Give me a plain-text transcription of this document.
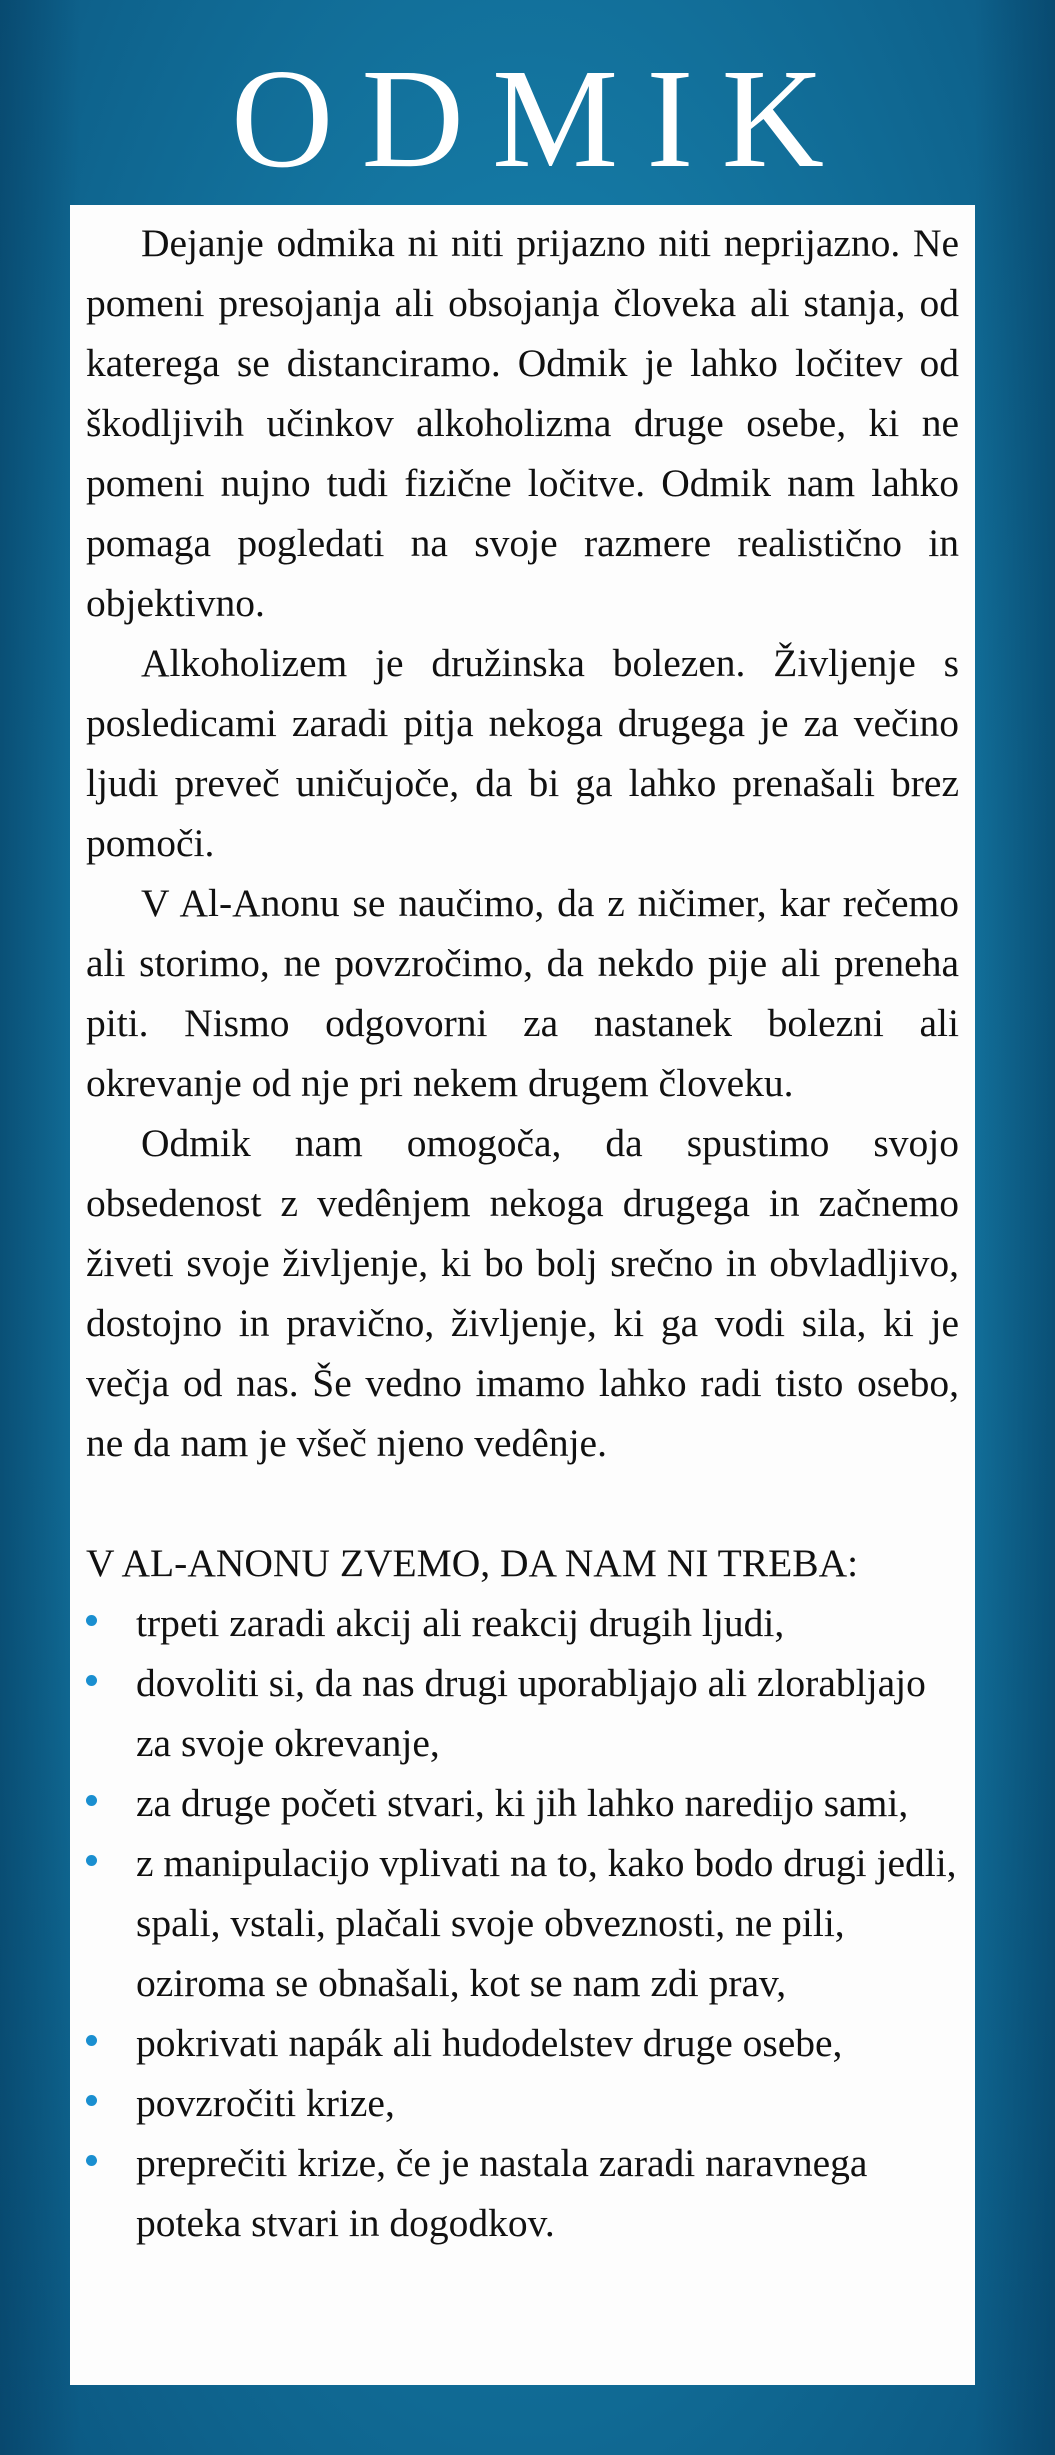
ODMIK

Dejanje odmika ni niti prijazno niti neprijazno. Ne pomeni presojanja ali obsojanja človeka ali stanja, od katerega se distanciramo. Odmik je lahko ločitev od škodljivih učinkov alkoholizma druge osebe, ki ne pomeni nujno tudi fizične ločitve. Odmik nam lahko pomaga pogledati na svoje razmere realistično in objektivno.

Alkoholizem je družinska bolezen. Življenje s posledicami zaradi pitja nekoga drugega je za večino ljudi preveč uničujoče, da bi ga lahko prenašali brez pomoči.

V Al-Anonu se naučimo, da z ničimer, kar rečemo ali storimo, ne povzročimo, da nekdo pije ali preneha piti. Nismo odgovorni za nastanek bolezni ali okrevanje od nje pri nekem drugem človeku.

Odmik nam omogoča, da spustimo svojo obsedenost z vedênjem nekoga drugega in začnemo živeti svoje življenje, ki bo bolj srečno in obvladljivo, dostojno in pravično, življenje, ki ga vodi sila, ki je večja od nas. Še vedno imamo lahko radi tisto osebo, ne da nam je všeč njeno vedênje.

V AL-ANONU ZVEMO, DA NAM NI TREBA:
trpeti zaradi akcij ali reakcij drugih ljudi,
dovoliti si, da nas drugi uporabljajo ali zlorabljajo za svoje okrevanje,
za druge početi stvari, ki jih lahko naredijo sami,
z manipulacijo vplivati na to, kako bodo drugi jedli, spali, vstali, plačali svoje obveznosti, ne pili, oziroma se obnašali, kot se nam zdi prav,
pokrivati napák ali hudodelstev druge osebe,
povzročiti krize,
preprečiti krize, če je nastala zaradi naravnega poteka stvari in dogodkov.
